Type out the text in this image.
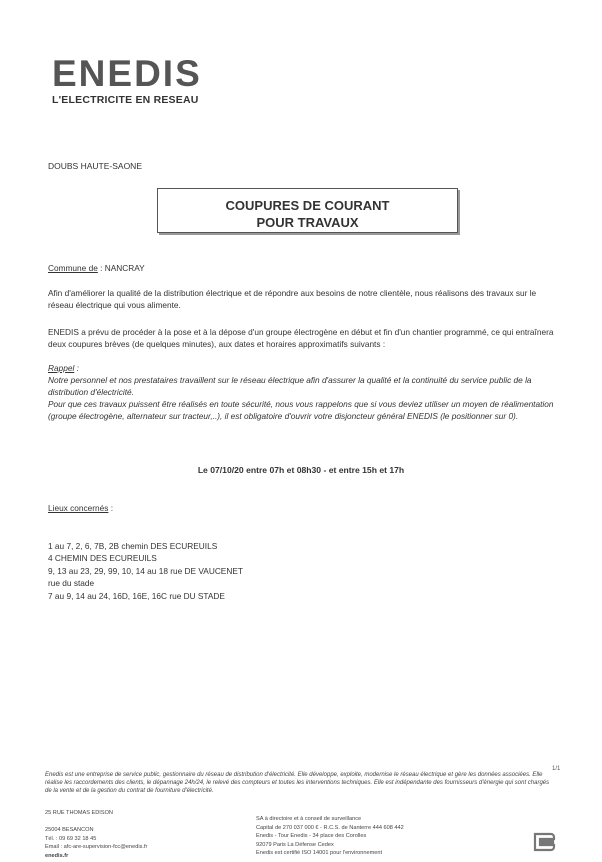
ENEDIS
L'ELECTRICITE EN RESEAU
DOUBS HAUTE-SAONE
COUPURES DE COURANT
POUR TRAVAUX
Commune de : NANCRAY
Afin d'améliorer la qualité de la distribution électrique et de répondre aux besoins de notre clientèle, nous réalisons des travaux sur le réseau électrique qui vous alimente.
ENEDIS a prévu de procéder à la pose et à la dépose d'un groupe électrogène en début et fin d'un chantier programmé, ce qui entraînera deux coupures brèves (de quelques minutes), aux dates et horaires approximatifs suivants :
Rappel :
Notre personnel et nos prestataires travaillent sur le réseau électrique afin d'assurer la qualité et la continuité du service public de la distribution d'électricité.
Pour que ces travaux puissent être réalisés en toute sécurité, nous vous rappelons que si vous deviez utiliser un moyen de réalimentation (groupe électrogène, alternateur sur tracteur,..), il est obligatoire d'ouvrir votre disjoncteur général ENEDIS (le positionner sur 0).
Le 07/10/20 entre 07h et 08h30 - et entre 15h et 17h
Lieux concernés :
1 au 7, 2, 6, 7B, 2B chemin DES ECUREUILS
4 CHEMIN DES ECUREUILS
9, 13 au 23, 29, 99, 10, 14 au 18 rue DE VAUCENET
rue du stade
7 au 9, 14 au 24, 16D, 16E, 16C rue DU STADE
1/1
Enedis est une entreprise de service public, gestionnaire du réseau de distribution d'électricité. Elle développe, exploite, modernise le réseau électrique et gère les données associées. Elle réalise les raccordements des clients, le dépannage 24h/24, le relevé des compteurs et toutes les interventions techniques. Elle est indépendante des fournisseurs d'énergie qui sont chargés de la vente et de la gestion du contrat de fourniture d'électricité.
25 RUE THOMAS EDISON

25004 BESANCON
Tél. : 09 69 32 18 45
Email : afc-are-supervision-fcc@enedis.fr
enedis.fr
SA à directoire et à conseil de surveillance
Capital de 270 037 000 € - R.C.S. de Nanterre 444 608 442
Enedis - Tour Enedis - 34 place des Corolles
92079 Paris La Défense Cedex
Enedis est certifié ISO 14001 pour l'environnement
